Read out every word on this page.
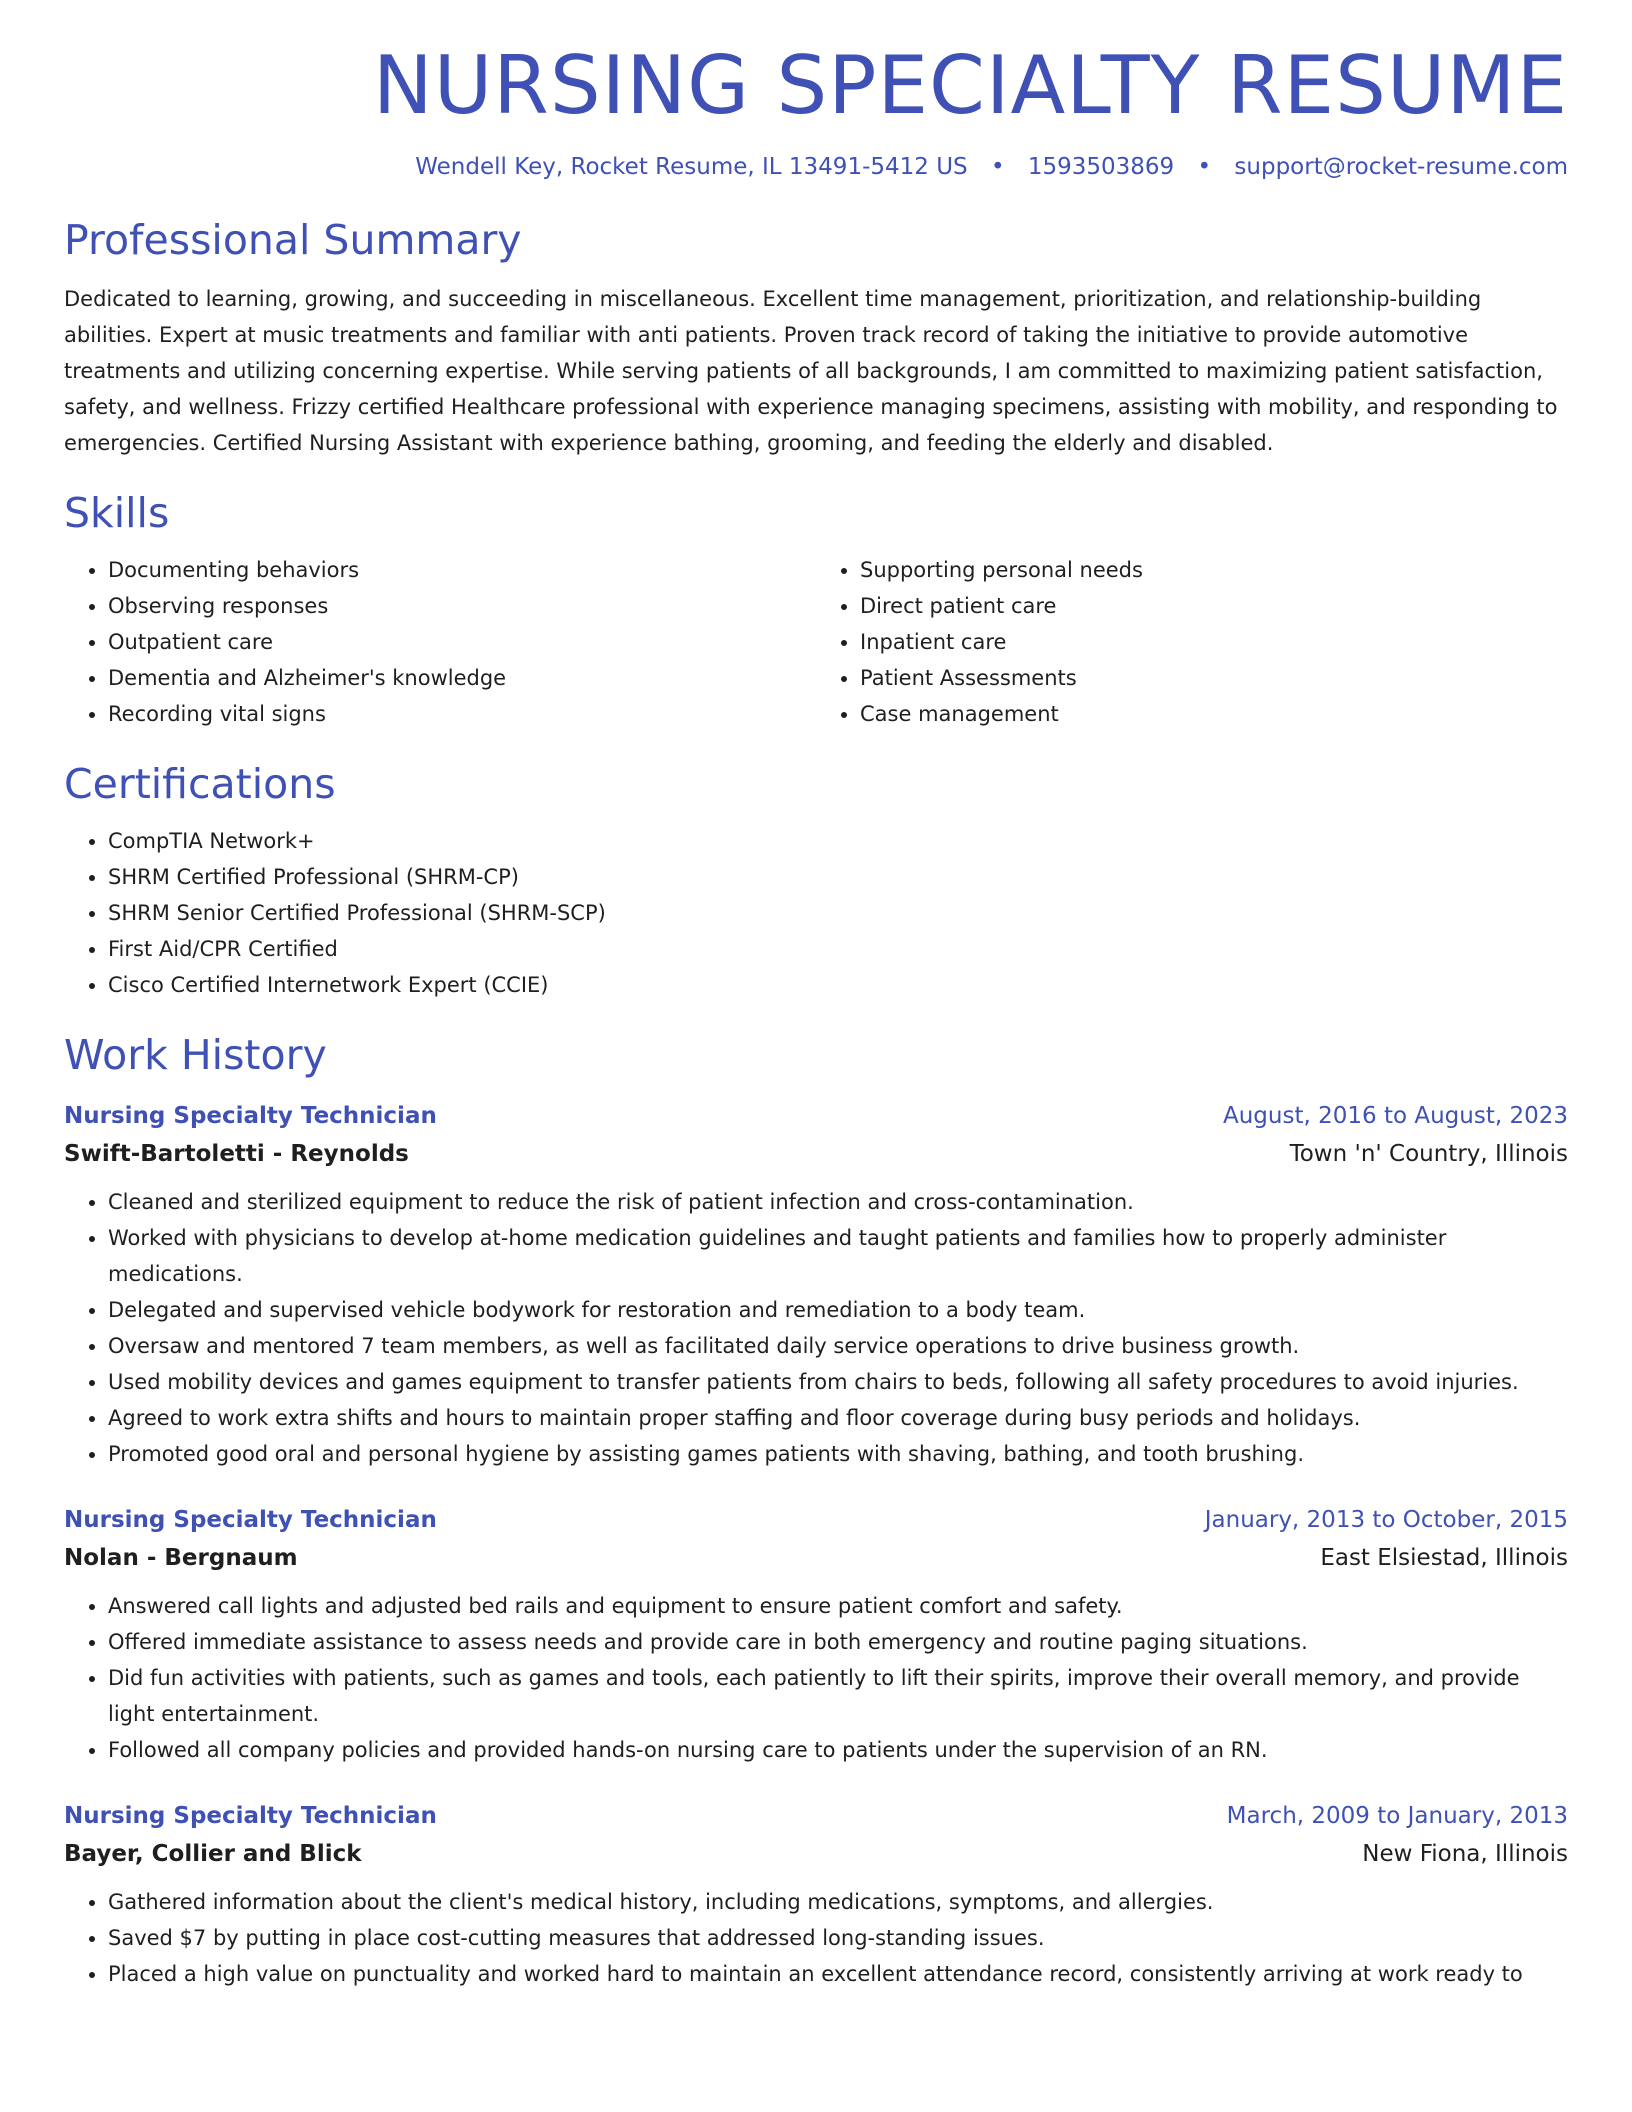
NURSING SPECIALTY RESUME
Wendell Key, Rocket Resume, IL 13491-5412 US • 1593503869 • support@rocket-resume.com
Professional Summary

Dedicated to learning, growing, and succeeding in miscellaneous. Excellent time management, prioritization, and relationship-building abilities. Expert at music treatments and familiar with anti patients. Proven track record of taking the initiative to provide automotive treatments and utilizing concerning expertise. While serving patients of all backgrounds, I am committed to maximizing patient satisfaction, safety, and wellness. Frizzy certified Healthcare professional with experience managing specimens, assisting with mobility, and responding to emergencies. Certified Nursing Assistant with experience bathing, grooming, and feeding the elderly and disabled.

Skills
• Documenting behaviors
• Observing responses
• Outpatient care
• Dementia and Alzheimer's knowledge
• Recording vital signs
• Supporting personal needs
• Direct patient care
• Inpatient care
• Patient Assessments
• Case management
Certifications
• CompTIA Network+
• SHRM Certified Professional (SHRM-CP)
• SHRM Senior Certified Professional (SHRM-SCP)
• First Aid/CPR Certified
• Cisco Certified Internetwork Expert (CCIE)
Work History
Nursing Specialty Technician	August, 2016 to August, 2023
Swift-Bartoletti - Reynolds	Town 'n' Country, Illinois
• Cleaned and sterilized equipment to reduce the risk of patient infection and cross-contamination.
• Worked with physicians to develop at-home medication guidelines and taught patients and families how to properly administer medications.
• Delegated and supervised vehicle bodywork for restoration and remediation to a body team.
• Oversaw and mentored 7 team members, as well as facilitated daily service operations to drive business growth.
• Used mobility devices and games equipment to transfer patients from chairs to beds, following all safety procedures to avoid injuries.
• Agreed to work extra shifts and hours to maintain proper staffing and floor coverage during busy periods and holidays.
• Promoted good oral and personal hygiene by assisting games patients with shaving, bathing, and tooth brushing.
Nursing Specialty Technician	January, 2013 to October, 2015
Nolan - Bergnaum	East Elsiestad, Illinois
• Answered call lights and adjusted bed rails and equipment to ensure patient comfort and safety.
• Offered immediate assistance to assess needs and provide care in both emergency and routine paging situations.
• Did fun activities with patients, such as games and tools, each patiently to lift their spirits, improve their overall memory, and provide light entertainment.
• Followed all company policies and provided hands-on nursing care to patients under the supervision of an RN.
Nursing Specialty Technician	March, 2009 to January, 2013
Bayer, Collier and Blick	New Fiona, Illinois
• Gathered information about the client's medical history, including medications, symptoms, and allergies.
• Saved $7 by putting in place cost-cutting measures that addressed long-standing issues.
• Placed a high value on punctuality and worked hard to maintain an excellent attendance record, consistently arriving at work ready to
